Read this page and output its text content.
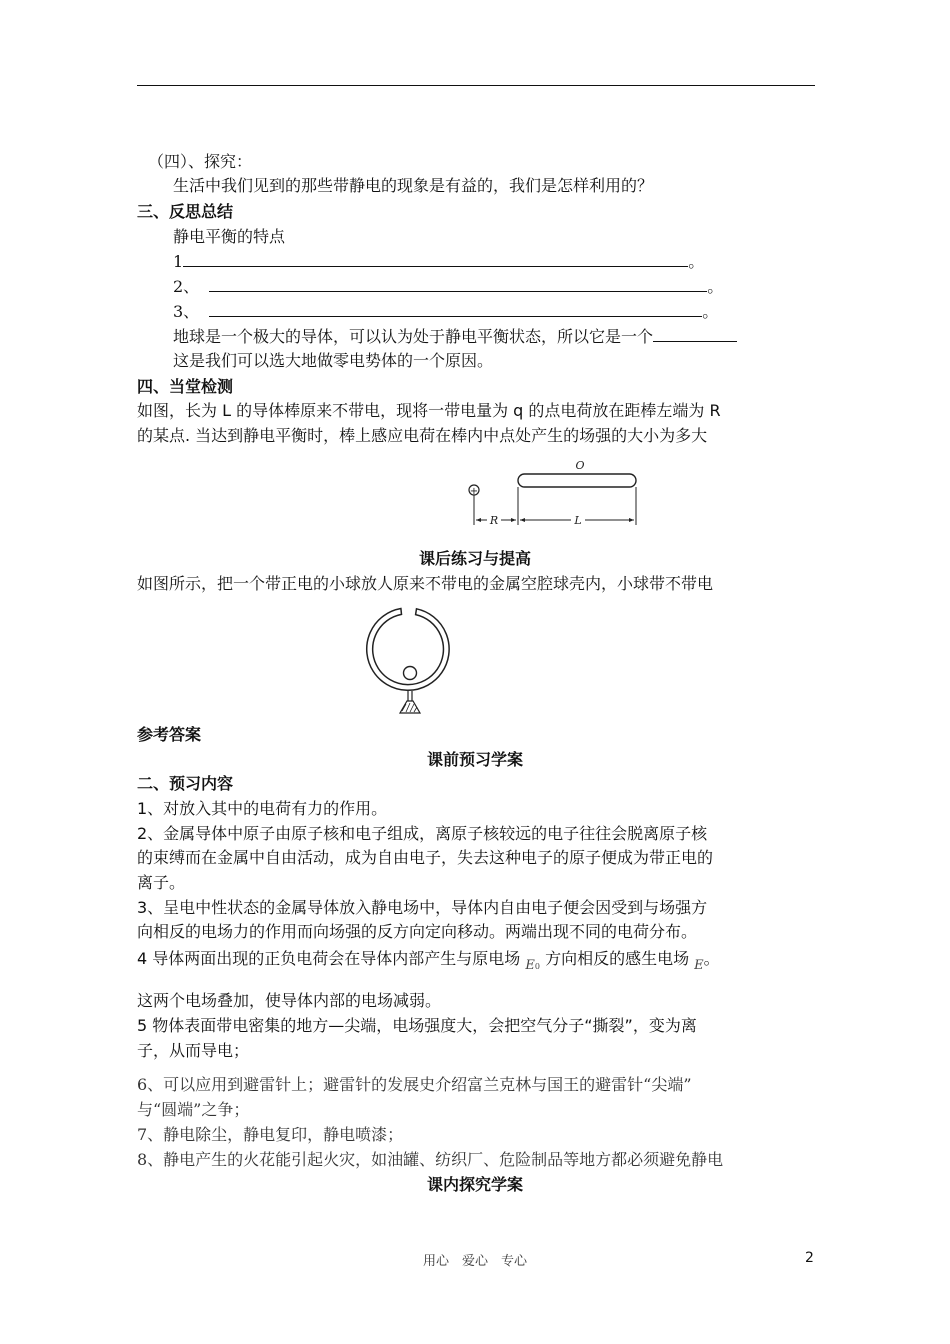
（四）、探究：
生活中我们见到的那些带静电的现象是有益的，我们是怎样利用的？
三、反思总结
静电平衡的特点
1	。
2、	。
3、	。
地球是一个极大的导体，可以认为处于静电平衡状态，所以它是一个
这是我们可以选大地做零电势体的一个原因。
四、当堂检测
如图，长为 L 的导体棒原来不带电，现将一带电量为 q 的点电荷放在距棒左端为 R
的某点. 当达到静电平衡时，棒上感应电荷在棒内中点处产生的场强的大小为多大
+
O
R	L
课后练习与提高
如图所示，把一个带正电的小球放人原来不带电的金属空腔球壳内，小球带不带电
参考答案
课前预习学案
二、预习内容
1、对放入其中的电荷有力的作用。
2、金属导体中原子由原子核和电子组成，离原子核较远的电子往往会脱离原子核
的束缚而在金属中自由活动，成为自由电子，失去这种电子的原子便成为带正电的
离子。
3、呈电中性状态的金属导体放入静电场中，导体内自由电子便会因受到与场强方
向相反的电场力的作用而向场强的反方向定向移动。两端出现不同的电荷分布。
4 导体两面出现的正负电荷会在导体内部产生与原电场 $_{E0}$ 方向相反的感生电场 $_E$。
这两个电场叠加，使导体内部的电场减弱。
5 物体表面带电密集的地方—尖端，电场强度大，会把空气分子“撕裂”，变为离
子，从而导电；
6、可以应用到避雷针上；避雷针的发展史介绍富兰克林与国王的避雷针“尖端”
与“圆端”之争；
7、静电除尘，静电复印，静电喷漆；
8、静电产生的火花能引起火灾，如油罐、纺织厂、危险制品等地方都必须避免静电
课内探究学案
用心　爱心　专心	2
